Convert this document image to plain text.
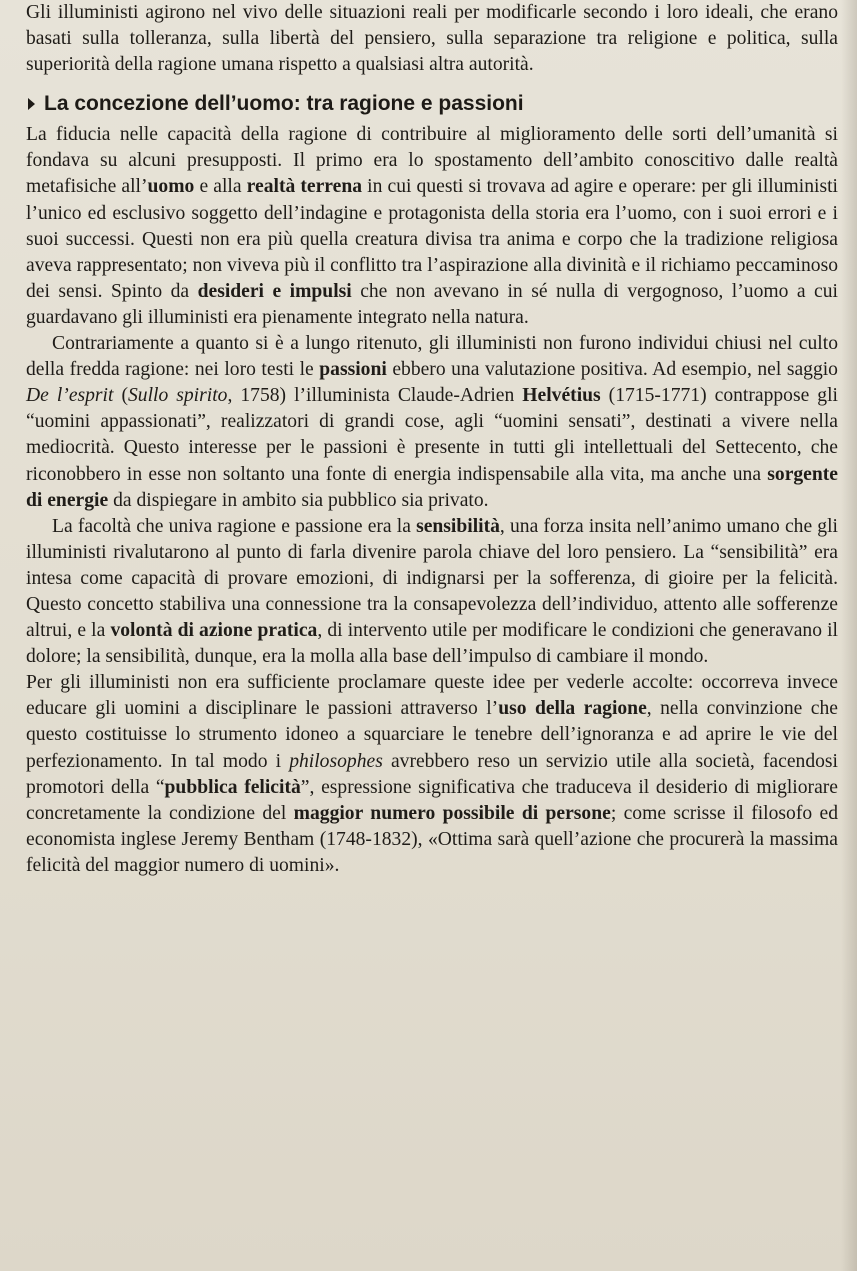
Gli illuministi agirono nel vivo delle situazioni reali per modificarle secondo i loro ideali, che erano basati sulla tolleranza, sulla libertà del pensiero, sulla separazione tra religione e politica, sulla superiorità della ragione umana rispetto a qualsiasi altra autorità.

La concezione dell’uomo: tra ragione e passioni

La fiducia nelle capacità della ragione di contribuire al miglioramento delle sorti dell’umanità si fondava su alcuni presupposti. Il primo era lo spostamento dell’ambito conoscitivo dalle realtà metafisiche all’uomo e alla realtà terrena in cui questi si trovava ad agire e operare: per gli illuministi l’unico ed esclusivo soggetto dell’indagine e protagonista della storia era l’uomo, con i suoi errori e i suoi successi. Questi non era più quella creatura divisa tra anima e corpo che la tradizione religiosa aveva rappresentato; non viveva più il conflitto tra l’aspirazione alla divinità e il richiamo peccaminoso dei sensi. Spinto da desideri e impulsi che non avevano in sé nulla di vergognoso, l’uomo a cui guardavano gli illuministi era pienamente integrato nella natura.

Contrariamente a quanto si è a lungo ritenuto, gli illuministi non furono individui chiusi nel culto della fredda ragione: nei loro testi le passioni ebbero una valutazione positiva. Ad esempio, nel saggio De l’esprit (Sullo spirito, 1758) l’illuminista Claude-Adrien Helvétius (1715-1771) contrappose gli “uomini appassionati”, realizzatori di grandi cose, agli “uomini sensati”, destinati a vivere nella mediocrità. Questo interesse per le passioni è presente in tutti gli intellettuali del Settecento, che riconobbero in esse non soltanto una fonte di energia indispensabile alla vita, ma anche una sorgente di energie da dispiegare in ambito sia pubblico sia privato.

La facoltà che univa ragione e passione era la sensibilità, una forza insita nell’animo umano che gli illuministi rivalutarono al punto di farla divenire parola chiave del loro pensiero. La “sensibilità” era intesa come capacità di provare emozioni, di indignarsi per la sofferenza, di gioire per la felicità. Questo concetto stabiliva una connessione tra la consapevolezza dell’individuo, attento alle sofferenze altrui, e la volontà di azione pratica, di intervento utile per modificare le condizioni che generavano il dolore; la sensibilità, dunque, era la molla alla base dell’impulso di cambiare il mondo.

Per gli illuministi non era sufficiente proclamare queste idee per vederle accolte: occorreva invece educare gli uomini a disciplinare le passioni attraverso l’uso della ragione, nella convinzione che questo costituisse lo strumento idoneo a squarciare le tenebre dell’ignoranza e ad aprire le vie del perfezionamento. In tal modo i philosophes avrebbero reso un servizio utile alla società, facendosi promotori della “pubblica felicità”, espressione significativa che traduceva il desiderio di migliorare concretamente la condizione del maggior numero possibile di persone; come scrisse il filosofo ed economista inglese Jeremy Bentham (1748-1832), «Ottima sarà quell’azione che procurerà la massima felicità del maggior numero di uomini».
